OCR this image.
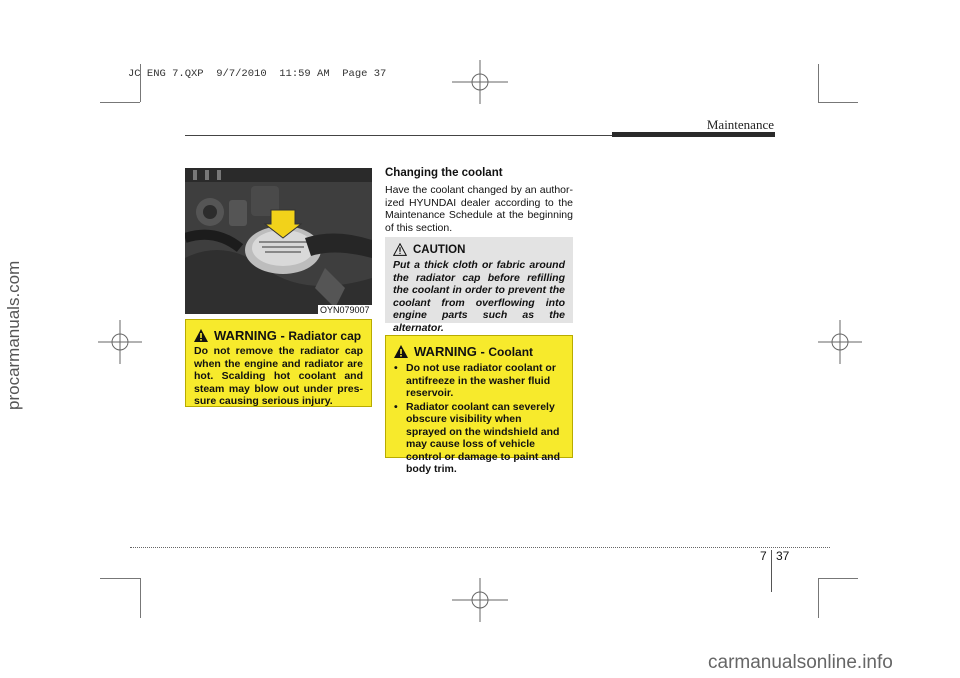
JC ENG 7.QXP  9/7/2010  11:59 AM  Page 37
Maintenance
OYN079007
WARNING - Radiator cap
Do not remove the radiator cap when the engine and radiator are hot. Scalding hot coolant and steam may blow out under pres-sure causing serious injury.
Changing the coolant
Have the coolant changed by an author-ized HYUNDAI dealer according to the Maintenance Schedule at the beginning of this section.
CAUTION
Put a thick cloth or fabric around the radiator cap before refilling the coolant in order to prevent the coolant from overflowing into engine parts such as the alternator.
WARNING - Coolant
• Do not use radiator coolant or antifreeze in the washer fluid reservoir.
• Radiator coolant can severely obscure visibility when sprayed on the windshield and may cause loss of vehicle control or damage to paint and body trim.
7 37
procarmanuals.com
carmanualsonline.info
